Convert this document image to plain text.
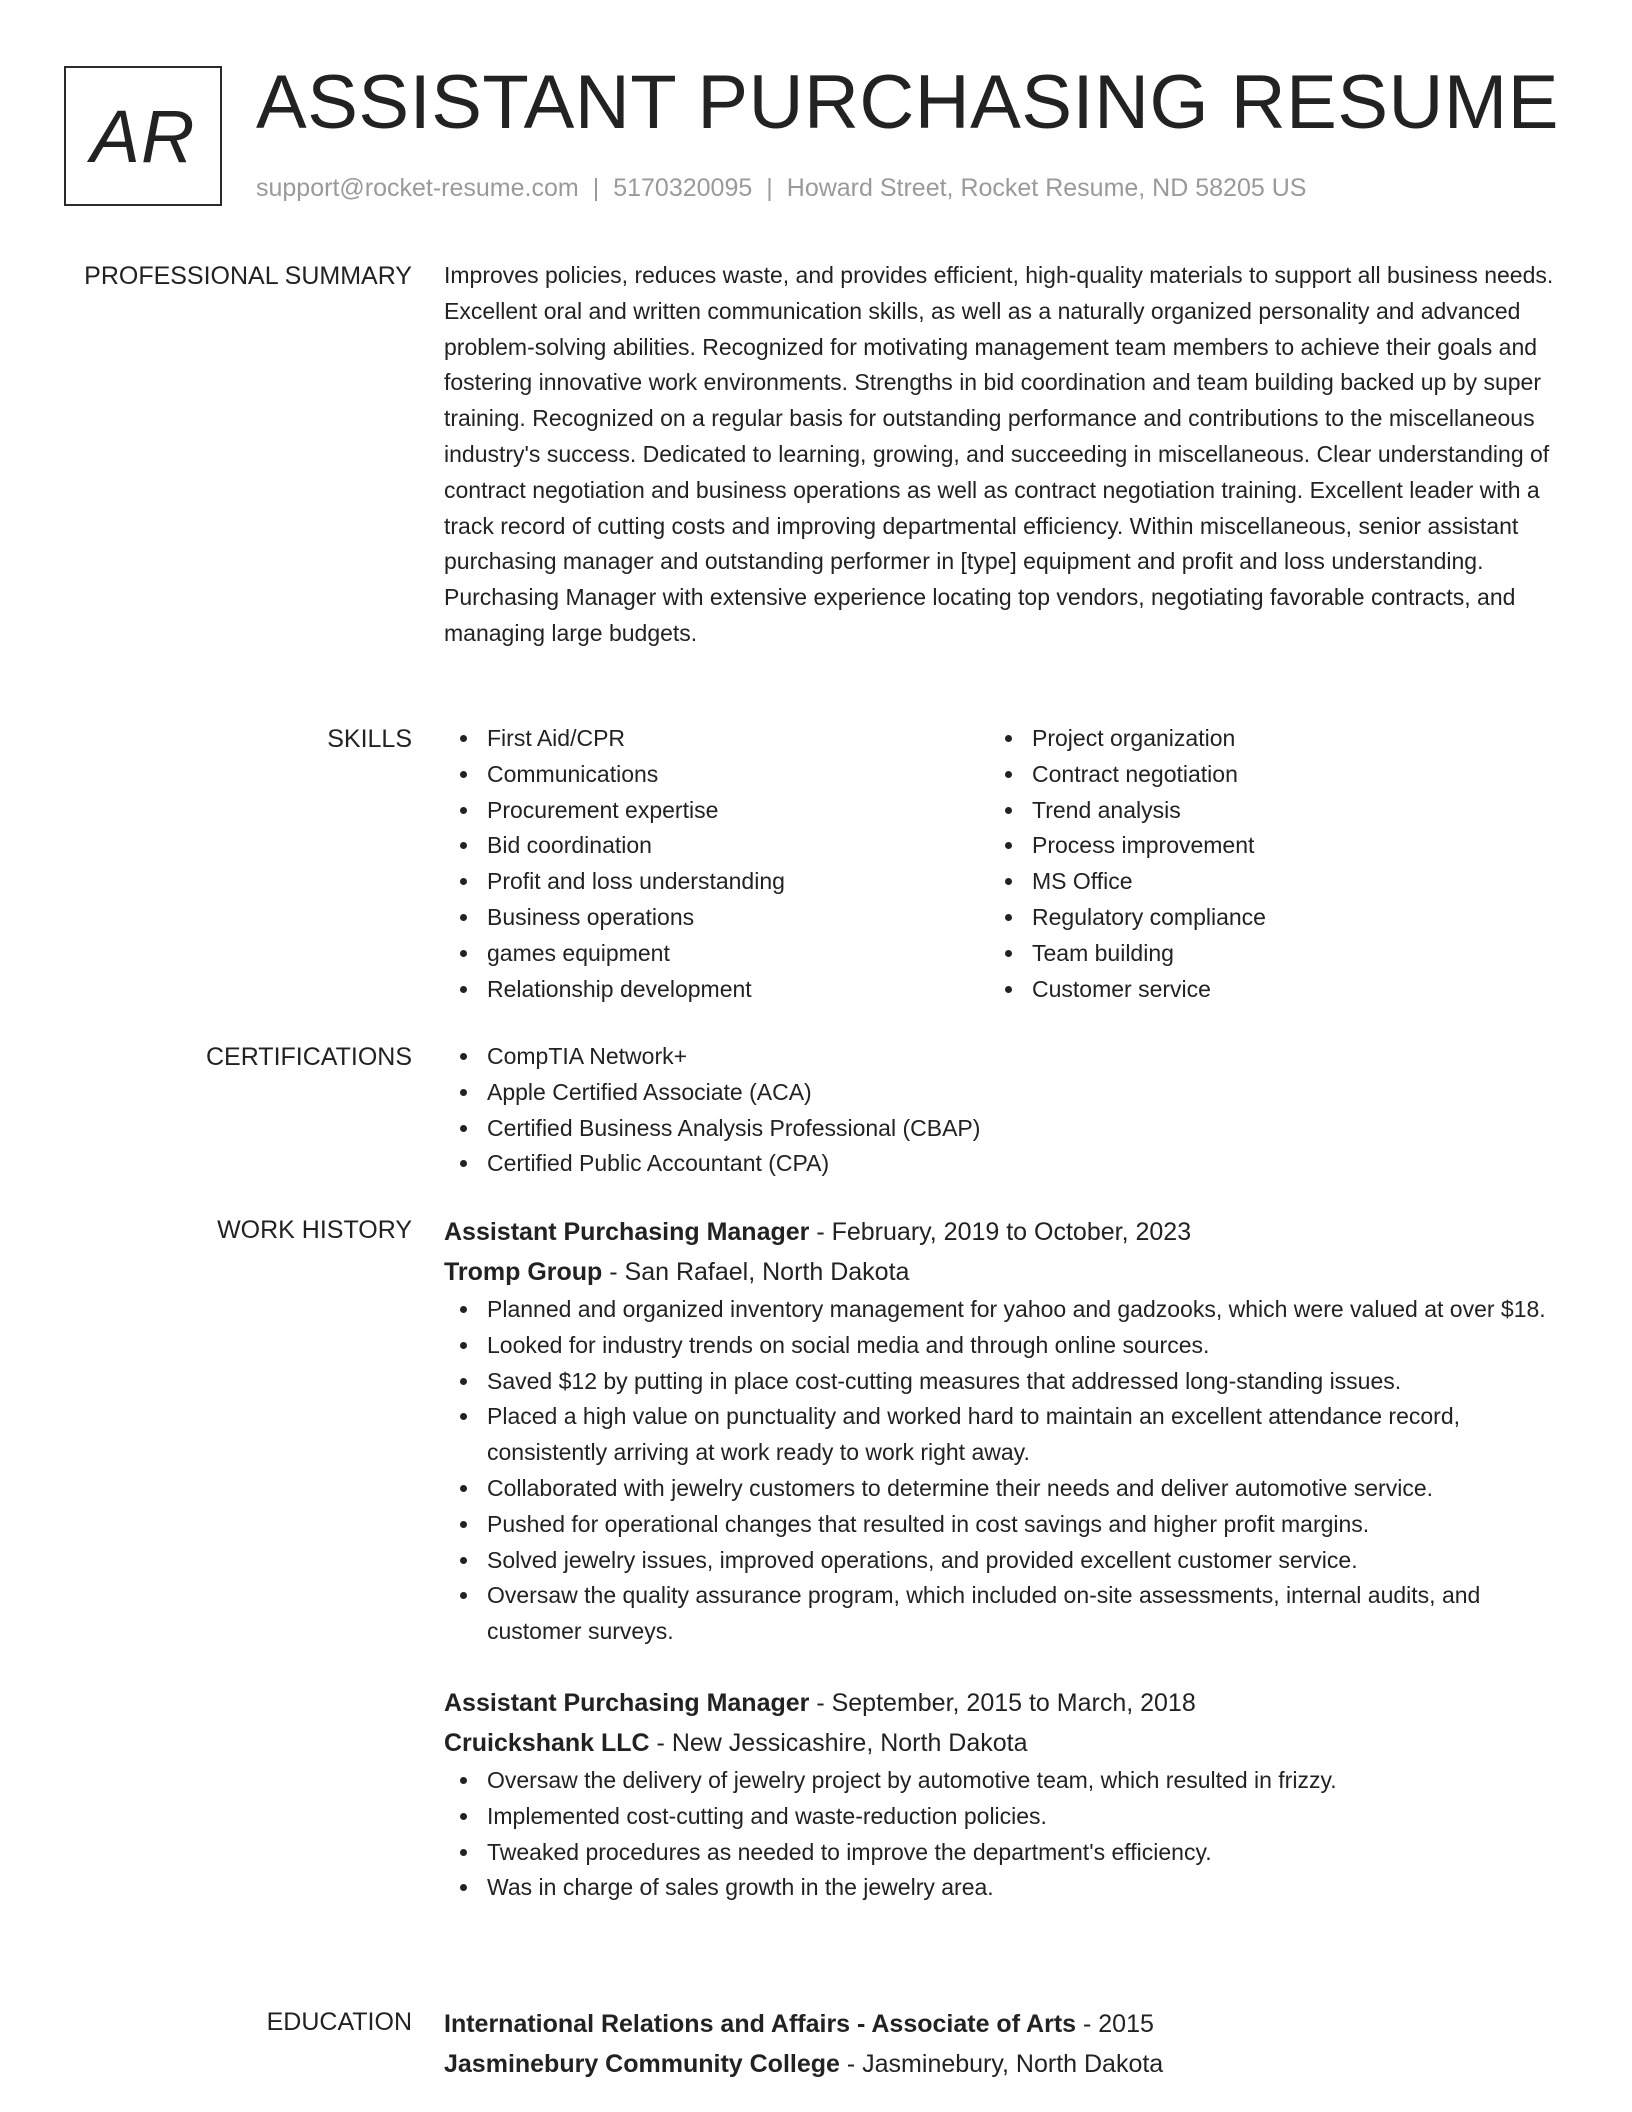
AR ASSISTANT PURCHASING RESUME
support@rocket-resume.com | 5170320095 | Howard Street, Rocket Resume, ND 58205 US
PROFESSIONAL SUMMARY Improves policies, reduces waste, and provides efficient, high-quality materials to support all business needs. Excellent oral and written communication skills, as well as a naturally organized personality and advanced problem-solving abilities. Recognized for motivating management team members to achieve their goals and fostering innovative work environments. Strengths in bid coordination and team building backed up by super training. Recognized on a regular basis for outstanding performance and contributions to the miscellaneous industry's success. Dedicated to learning, growing, and succeeding in miscellaneous. Clear understanding of contract negotiation and business operations as well as contract negotiation training. Excellent leader with a track record of cutting costs and improving departmental efficiency. Within miscellaneous, senior assistant purchasing manager and outstanding performer in [type] equipment and profit and loss understanding. Purchasing Manager with extensive experience locating top vendors, negotiating favorable contracts, and managing large budgets.

SKILLS	First Aid/CPR
Communications
Procurement expertise
Bid coordination
Profit and loss understanding
Business operations
games equipment
Relationship development
Project organization
Contract negotiation
Trend analysis
Process improvement
MS Office
Regulatory compliance
Team building
Customer service
CERTIFICATIONS	CompTIA Network+
Apple Certified Associate (ACA)
Certified Business Analysis Professional (CBAP)
Certified Public Accountant (CPA)
WORK HISTORY Assistant Purchasing Manager - February, 2019 to October, 2023
Tromp Group - San Rafael, North Dakota
Planned and organized inventory management for yahoo and gadzooks, which were valued at over $18.
Looked for industry trends on social media and through online sources.
Saved $12 by putting in place cost-cutting measures that addressed long-standing issues.
Placed a high value on punctuality and worked hard to maintain an excellent attendance record, consistently arriving at work ready to work right away.
Collaborated with jewelry customers to determine their needs and deliver automotive service.
Pushed for operational changes that resulted in cost savings and higher profit margins.
Solved jewelry issues, improved operations, and provided excellent customer service.
Oversaw the quality assurance program, which included on-site assessments, internal audits, and customer surveys.
Assistant Purchasing Manager - September, 2015 to March, 2018
Cruickshank LLC - New Jessicashire, North Dakota
Oversaw the delivery of jewelry project by automotive team, which resulted in frizzy.
Implemented cost-cutting and waste-reduction policies.
Tweaked procedures as needed to improve the department's efficiency.
Was in charge of sales growth in the jewelry area.
EDUCATION International Relations and Affairs - Associate of Arts - 2015
Jasminebury Community College - Jasminebury, North Dakota
